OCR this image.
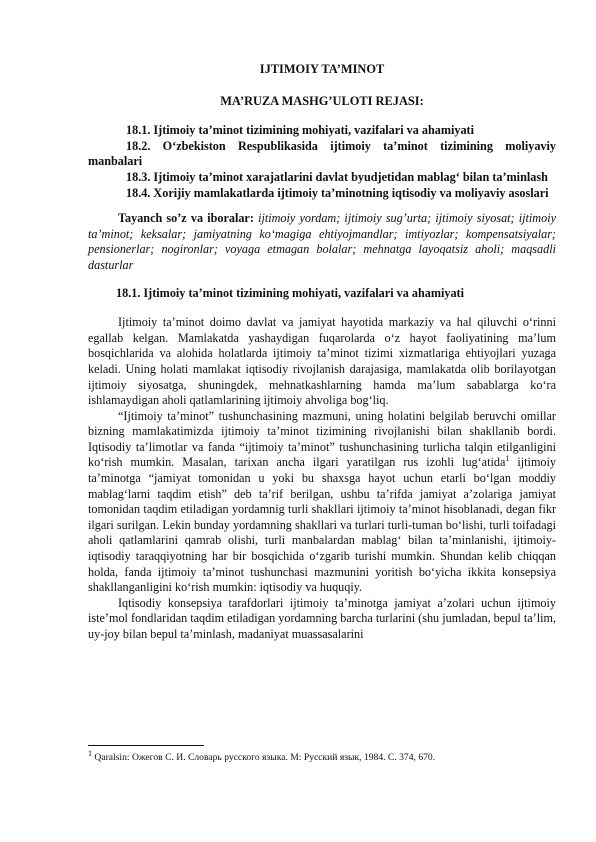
IJTIMOIY TA’MINOT
MA’RUZA MASHG’ULOTI REJASI:

18.1. Ijtimoiy ta’minot tizimining mohiyati, vazifalari va ahamiyati

18.2. O‘zbekiston Respublikasida ijtimoiy ta’minot tizimining moliyaviy manbalari

18.3. Ijtimoiy ta’minot xarajatlarini davlat byudjetidan mablag‘ bilan ta’minlash

18.4. Xorijiy mamlakatlarda ijtimoiy ta’minotning iqtisodiy va moliyaviy asoslari

Tayanch so’z va iboralar: ijtimoiy yordam; ijtimoiy sug’urta; ijtimoiy siyosat; ijtimoiy ta’minot; keksalar; jamiyatning ko‘magiga ehtiyojmandlar; imtiyozlar; kompensatsiyalar; pensionerlar; nogironlar; voyaga etmagan bolalar; mehnatga layoqatsiz aholi; maqsadli dasturlar

18.1. Ijtimoiy ta’minot tizimining mohiyati, vazifalari va ahamiyati

Ijtimoiy ta’minot doimo davlat va jamiyat hayotida markaziy va hal qiluvchi o‘rinni egallab kelgan. Mamlakatda yashaydigan fuqarolarda o‘z hayot faoliyatining ma’lum bosqichlarida va alohida holatlarda ijtimoiy ta’minot tizimi xizmatlariga ehtiyojlari yuzaga keladi. Uning holati mamlakat iqtisodiy rivojlanish darajasiga, mamlakatda olib borilayotgan ijtimoiy siyosatga, shuningdek, mehnatkashlarning hamda ma’lum sabablarga ko‘ra ishlamaydigan aholi qatlamlarining ijtimoiy ahvoliga bog‘liq.

“Ijtimoiy ta’minot” tushunchasining mazmuni, uning holatini belgilab beruvchi omillar bizning mamlakatimizda ijtimoiy ta’minot tizimining rivojlanishi bilan shakllanib bordi. Iqtisodiy ta’limotlar va fanda “ijtimoiy ta’minot” tushunchasining turlicha talqin etilganligini ko‘rish mumkin. Masalan, tarixan ancha ilgari yaratilgan rus izohli lug‘atida$^1$ ijtimoiy ta’minotga “jamiyat tomonidan u yoki bu shaxsga hayot uchun etarli bo‘lgan moddiy mablag‘larni taqdim etish” deb ta’rif berilgan, ushbu ta’rifda jamiyat a’zolariga jamiyat tomonidan taqdim etiladigan yordamnig turli shakllari ijtimoiy ta’minot hisoblanadi, degan fikr ilgari surilgan. Lekin bunday yordamning shakllari va turlari turli-tuman bo‘lishi, turli toifadagi aholi qatlamlarini qamrab olishi, turli manbalardan mablag‘ bilan ta’minlanishi, ijtimoiy-iqtisodiy taraqqiyotning har bir bosqichida o‘zgarib turishi mumkin. Shundan kelib chiqqan holda, fanda ijtimoiy ta’minot tushunchasi mazmunini yoritish bo‘yicha ikkita konsepsiya shakllanganligini ko‘rish mumkin: iqtisodiy va huquqiy.

Iqtisodiy konsepsiya tarafdorlari ijtimoiy ta’minotga jamiyat a’zolari uchun ijtimoiy iste’mol fondlaridan taqdim etiladigan yordamning barcha turlarini (shu jumladan, bepul ta’lim, uy-joy bilan bepul ta’minlash, madaniyat muassasalarini

$^1$ Qaralsin: Ожегов С. И. Словарь русского языка. М: Русский язык, 1984. С. 374, 670.
